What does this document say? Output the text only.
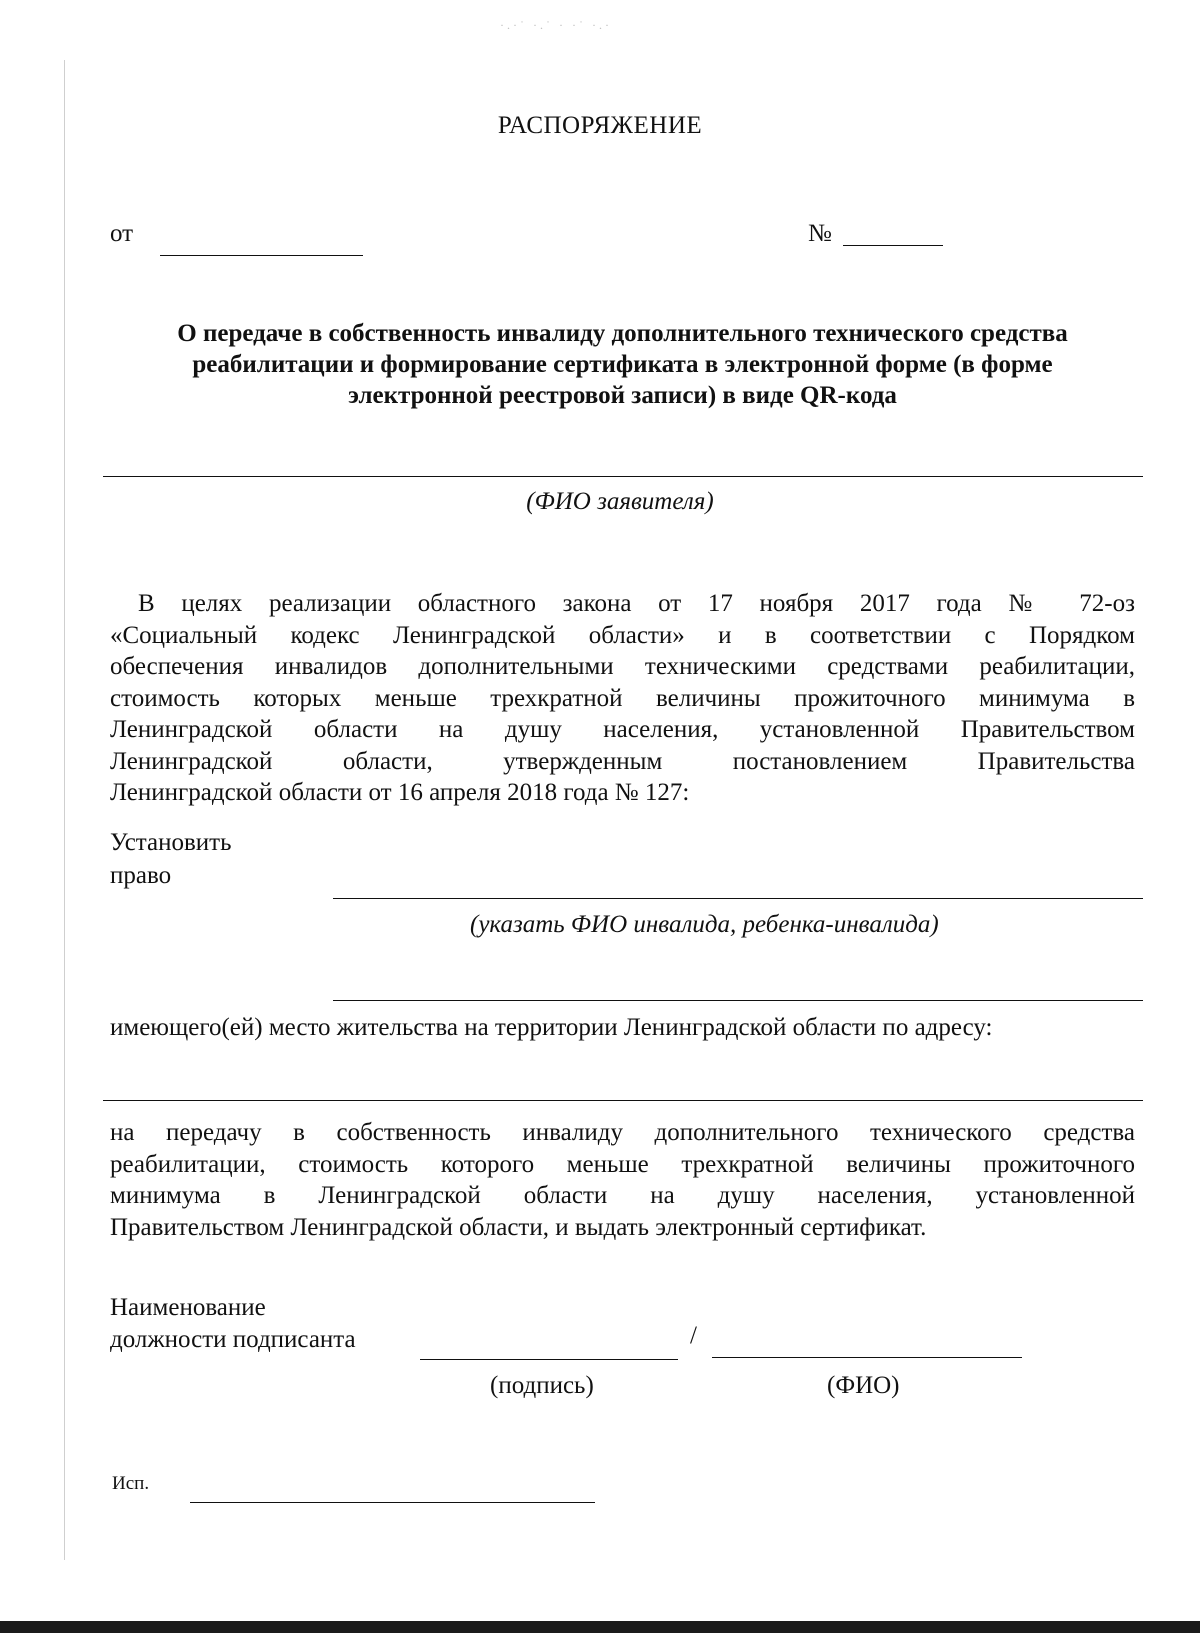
·.·˙ ·.˙ · ·˙ ·.·
РАСПОРЯЖЕНИЕ
от	№
О передаче в собственность инвалиду дополнительного технического средства
реабилитации и формирование сертификата в электронной форме (в форме
электронной реестровой записи) в виде QR-кода
(ФИО заявителя)
В целях реализации областного закона от 17 ноября 2017 года № 72-оз
«Социальный кодекс Ленинградской области» и в соответствии с Порядком
обеспечения инвалидов дополнительными техническими средствами реабилитации,
стоимость которых меньше трехкратной величины прожиточного минимума в
Ленинградской области на душу населения, установленной Правительством
Ленинградской области, утвержденным постановлением Правительства
Ленинградской области от 16 апреля 2018 года № 127:
Установить
право
(указать ФИО инвалида, ребенка-инвалида)
имеющего(ей) место жительства на территории Ленинградской области по адресу:
на передачу в собственность инвалиду дополнительного технического средства
реабилитации, стоимость которого меньше трехкратной величины прожиточного
минимума в Ленинградской области на душу населения, установленной
Правительством Ленинградской области, и выдать электронный сертификат.
Наименование
должности подписанта	/
(подпись)	(ФИО)
Исп.
